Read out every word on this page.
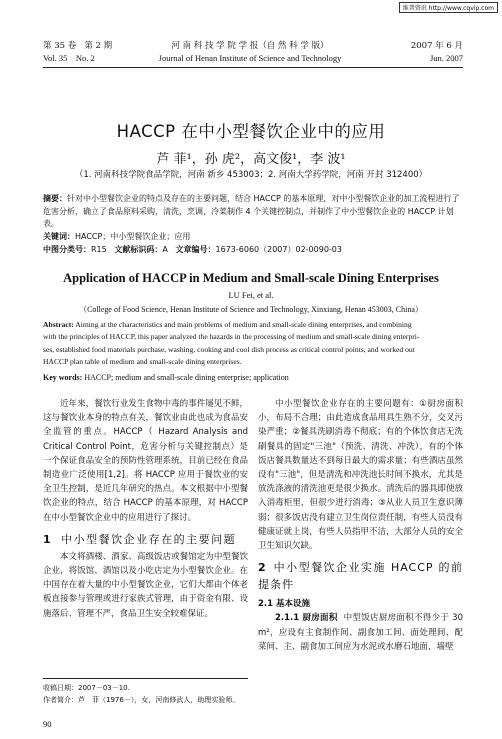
维普资讯 http://www.cqvip.com
第 35 卷 第 2 期
Vol. 35 No. 2
河 南 科 技 学 院 学 报（自 然 科 学 版）
Journal of Henan Institute of Science and Technology
2007 年 6 月
Jun. 2007
HACCP 在中小型餐饮企业中的应用
芦 菲¹，孙 虎²，高文俊¹，李 波¹
（1. 河南科技学院食品学院，河南 新乡 453003；2. 河南大学药学院，河南 开封 312400）
摘要：针对中小型餐饮企业的特点及存在的主要问题，结合 HACCP 的基本原理，对中小型餐饮企业的加工流程进行了危害分析，确立了食品原料采购，清洗，烹调，冷菜制作 4 个关键控制点，并制作了中小型餐饮企业的 HACCP 计划表。
关键词：HACCP；中小型餐饮企业；应用
中图分类号：R15 文献标识码：A 文章编号：1673-6060（2007）02-0090-03
Application of HACCP in Medium and Small-scale Dining Enterprises
LU Fei, et al.
（College of Food Science, Henan Institute of Science and Technology, Xinxiang, Henan 453003, China）
Abstract: Aiming at the characteristics and main problems of medium and small-scale dining enterprises, and combining
with the principles of HACCP, this paper analyzed the hazards in the processing of medium and small-scale dining enterpri-
ses, established food materials purchase, washing, cooking and cool dish process as critical control points, and worked out
HACCP plan table of medium and small-scale dining enterprises.
Key words: HACCP; medium and small-scale dining enterprise; application

近年来，餐饮行业发生食物中毒的事件屡见不鲜，这与餐饮业本身的特点有关，餐饮业由此也成为食品安全监管的重点。HACCP（ Hazard Analysis and Critical Control Point，危害分析与关键控制点）是一个保证食品安全的预防性管理系统，目前已经在食品制造业广泛使用[1,2]。将 HACCP 应用于餐饮业的安全卫生控制，是近几年研究的热点。本文根据中小型餐饮企业的特点，结合 HACCP 的基本原理，对 HACCP 在中小型餐饮企业中的应用进行了探讨。

1 中小型餐饮企业存在的主要问题

本文将酒楼、酒家、高级饭店或餐馆定为中型餐饮企业，将饭馆、酒馆以及小吃店定为小型餐饮企业。在中国存在着大量的中小型餐饮企业，它们大都由个体老板直接参与管理或进行家族式管理，由于资金有限、设施落后、管理不严，食品卫生安全较难保证。

中小型餐饮企业存在的主要问题有：①厨房面积小，布局不合理；由此造成食品用具生熟不分，交叉污染严重；②餐具洗刷消毒不彻底；有的个体饮食店无洗刷餐具的固定"三池"（预洗、清洗、冲洗），有的个体饭店餐具数量达不到每日最大的需求量；有些酒店虽然设有"三池"，但是清洗和冲洗池长时间不换水，尤其是放洗涤液的清洗池更是很少换水。清洗后的器具即使放入消毒柜里，但很少进行消毒；③从业人员卫生意识薄弱；很多饭店没有建立卫生岗位责任制，有些人员没有健康证就上岗，有些人员指甲不洁，大部分人员的安全卫生知识欠缺。

2 中小型餐饮企业实施 HACCP 的前提条件
2.1 基本设施

2.1.1 厨房面积 中型饭店厨房面积不得少于 30 m²，应设有主食制作间、副食加工间、面处理间、配菜间、主、副食加工间应为水泥或水磨石地面，墙壁

收稿日期：2007－03－10.
作者简介：芦　菲（1976－），女，河南修武人，助理实验师。
90
